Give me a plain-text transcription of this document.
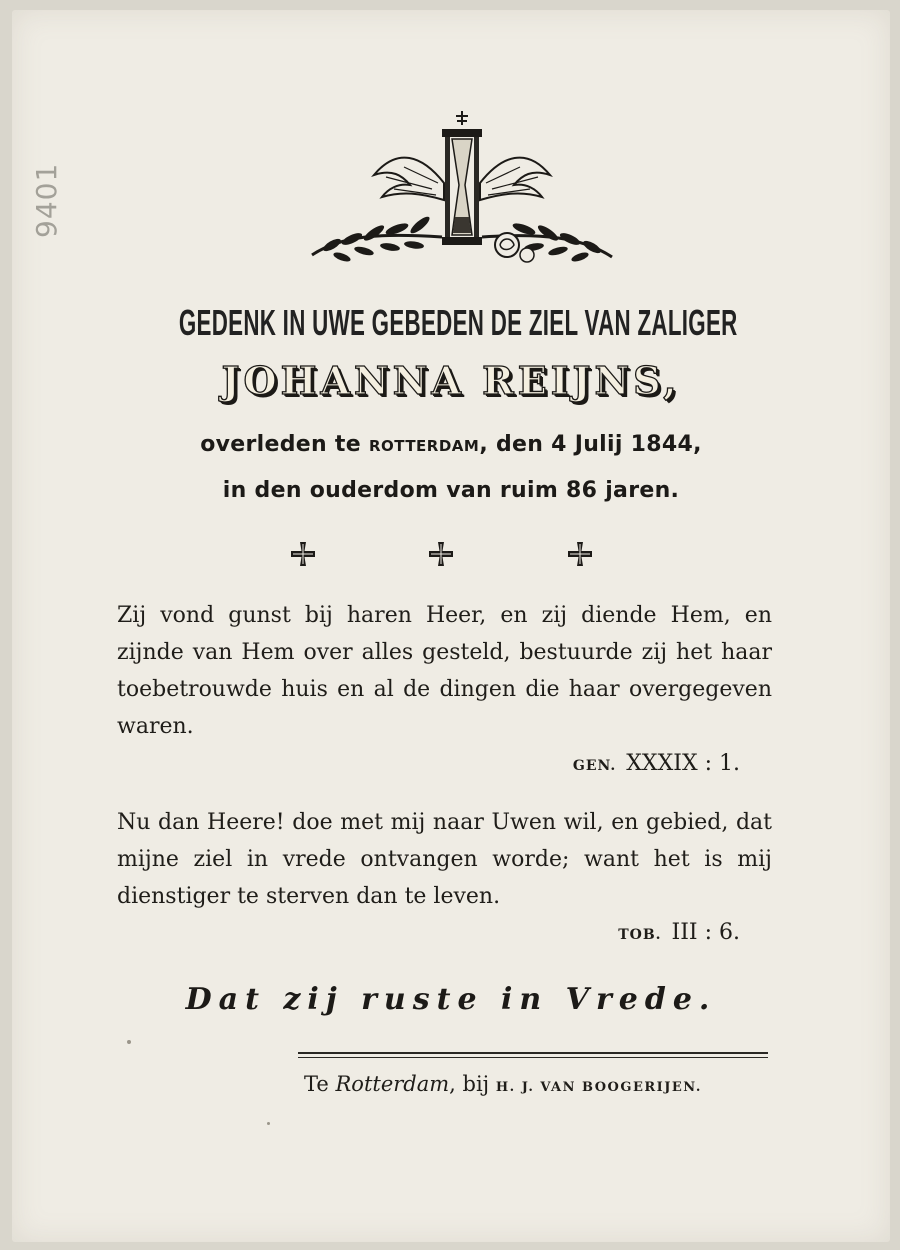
9401
GEDENK IN UWE GEBEDEN DE ZIEL VAN ZALIGER
JOHANNA REIJNS,
overleden te ROTTERDAM, den 4 Julij 1844,
in den ouderdom van ruim 86 jaren.
Zij vond gunst bij haren Heer, en zij diende Hem, en zijnde van Hem over alles gesteld, bestuurde zij het haar toebetrouwde huis en al de dingen die haar overgegeven waren.
GEN. XXXIX : 1.
Nu dan Heere! doe met mij naar Uwen wil, en gebied, dat mijne ziel in vrede ontvangen worde; want het is mij dienstiger te sterven dan te leven.
TOB. III : 6.
Dat zij ruste in Vrede.
Te Rotterdam, bij H. J. VAN BOOGERIJEN.
